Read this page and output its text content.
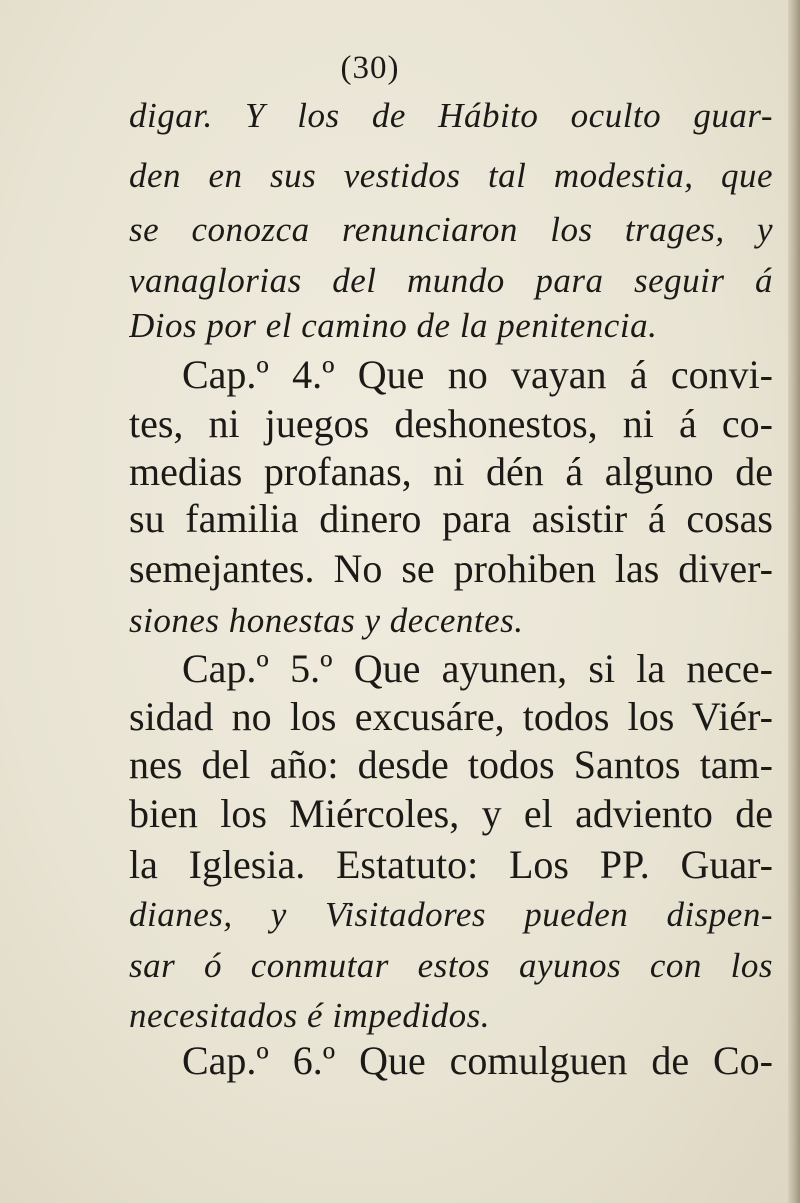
(30)
digar. Y los de Hábito oculto guar-
den en sus vestidos tal modestia, que
se conozca renunciaron los trages, y
vanaglorias del mundo para seguir á
Dios por el camino de la penitencia.
Cap.º 4.º Que no vayan á convi-
tes, ni juegos deshonestos, ni á co-
medias profanas, ni dén á alguno de
su familia dinero para asistir á cosas
semejantes. No se prohiben las diver-
siones honestas y decentes.
Cap.º 5.º Que ayunen, si la nece-
sidad no los excusáre, todos los Viér-
nes del año: desde todos Santos tam-
bien los Miércoles, y el adviento de
la Iglesia. Estatuto: Los PP. Guar-
dianes, y Visitadores pueden dispen-
sar ó conmutar estos ayunos con los
necesitados é impedidos.
Cap.º 6.º Que comulguen de Co-
